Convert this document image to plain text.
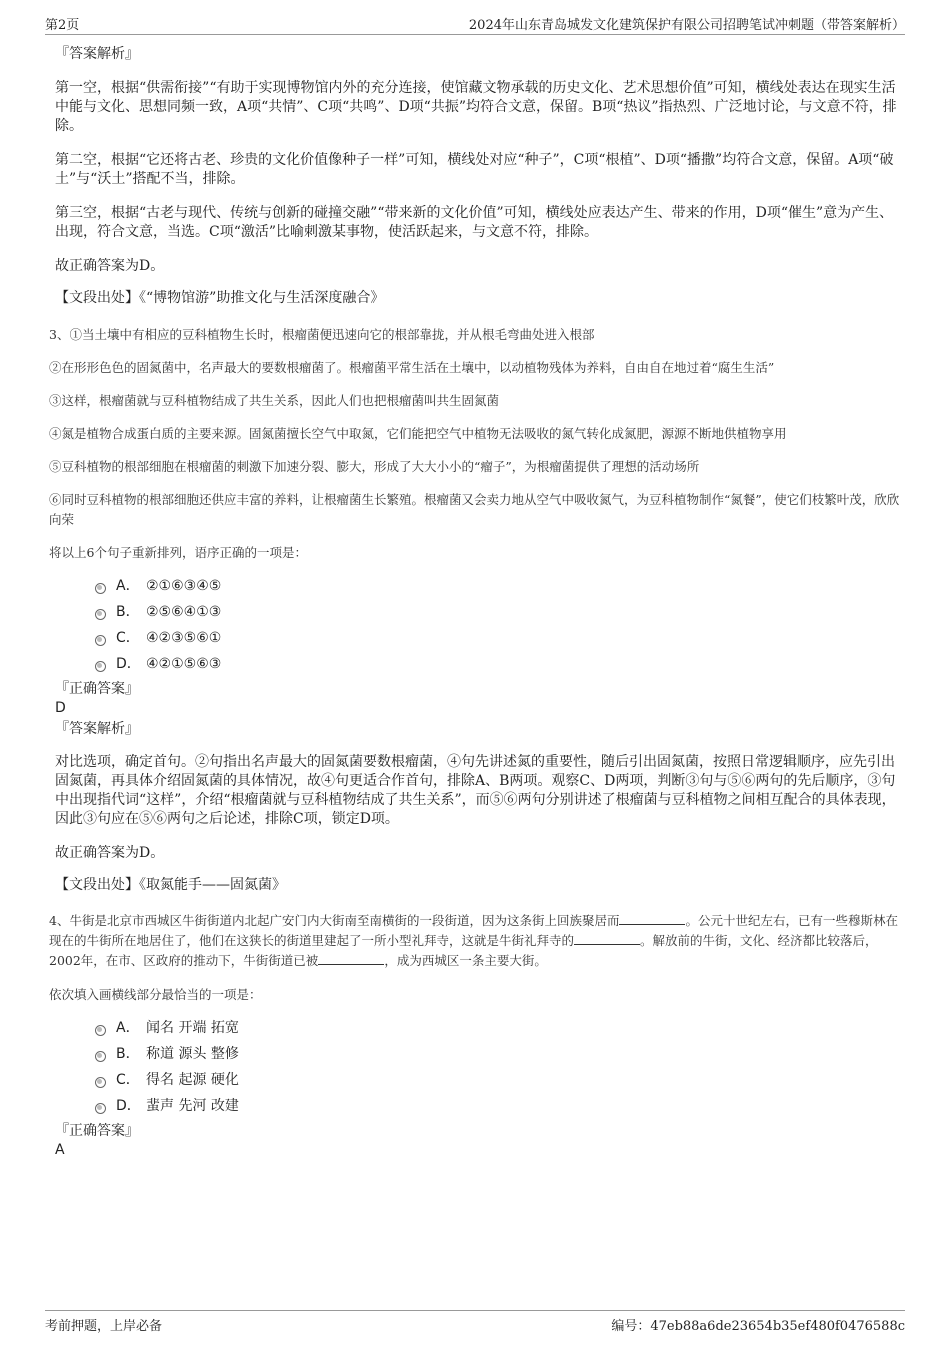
第2页	2024年山东青岛城发文化建筑保护有限公司招聘笔试冲刺题（带答案解析）

『答案解析』

第一空，根据“供需衔接”“有助于实现博物馆内外的充分连接，使馆藏文物承载的历史文化、艺术思想价值”可知，横线处表达在现实生活中能与文化、思想同频一致，A项“共情”、C项“共鸣”、D项“共振”均符合文意，保留。B项“热议”指热烈、广泛地讨论，与文意不符，排除。

第二空，根据“它还将古老、珍贵的文化价值像种子一样”可知，横线处对应“种子”，C项“根植”、D项“播撒”均符合文意，保留。A项“破土”与“沃土”搭配不当，排除。

第三空，根据“古老与现代、传统与创新的碰撞交融”“带来新的文化价值”可知，横线处应表达产生、带来的作用，D项“催生”意为产生、出现，符合文意，当选。C项“激活”比喻刺激某事物，使活跃起来，与文意不符，排除。

故正确答案为D。

【文段出处】《“博物馆游”助推文化与生活深度融合》

3、①当土壤中有相应的豆科植物生长时，根瘤菌便迅速向它的根部靠拢，并从根毛弯曲处进入根部

②在形形色色的固氮菌中，名声最大的要数根瘤菌了。根瘤菌平常生活在土壤中，以动植物残体为养料，自由自在地过着“腐生生活”

③这样，根瘤菌就与豆科植物结成了共生关系，因此人们也把根瘤菌叫共生固氮菌

④氮是植物合成蛋白质的主要来源。固氮菌擅长空气中取氮，它们能把空气中植物无法吸收的氮气转化成氮肥，源源不断地供植物享用

⑤豆科植物的根部细胞在根瘤菌的刺激下加速分裂、膨大，形成了大大小小的“瘤子”，为根瘤菌提供了理想的活动场所

⑥同时豆科植物的根部细胞还供应丰富的养料，让根瘤菌生长繁殖。根瘤菌又会卖力地从空气中吸收氮气，为豆科植物制作“氮餐”，使它们枝繁叶茂，欣欣向荣

将以上6个句子重新排列，语序正确的一项是：

A． ②①⑥③④⑤
B． ②⑤⑥④①③
C． ④②③⑤⑥①
D． ④②①⑤⑥③

『正确答案』

D

『答案解析』

对比选项，确定首句。②句指出名声最大的固氮菌要数根瘤菌，④句先讲述氮的重要性，随后引出固氮菌，按照日常逻辑顺序，应先引出固氮菌，再具体介绍固氮菌的具体情况，故④句更适合作首句，排除A、B两项。观察C、D两项，判断③句与⑤⑥两句的先后顺序，③句中出现指代词“这样”，介绍“根瘤菌就与豆科植物结成了共生关系”，而⑤⑥两句分别讲述了根瘤菌与豆科植物之间相互配合的具体表现，因此③句应在⑤⑥两句之后论述，排除C项，锁定D项。

故正确答案为D。

【文段出处】《取氮能手——固氮菌》

4、牛街是北京市西城区牛街街道内北起广安门内大街南至南横街的一段街道，因为这条街上回族聚居而	。公元十世纪左右，已有一些穆斯林在现在的牛街所在地居住了，他们在这狭长的街道里建起了一所小型礼拜寺，这就是牛街礼拜寺的	。解放前的牛街，文化、经济都比较落后，2002年，在市、区政府的推动下，牛街街道已被	，成为西城区一条主要大街。

依次填入画横线部分最恰当的一项是：

A． 闻名 开端 拓宽
B． 称道 源头 整修
C． 得名 起源 硬化
D． 蜚声 先河 改建

『正确答案』

A

考前押题，上岸必备	编号：47eb88a6de23654b35ef480f0476588c
